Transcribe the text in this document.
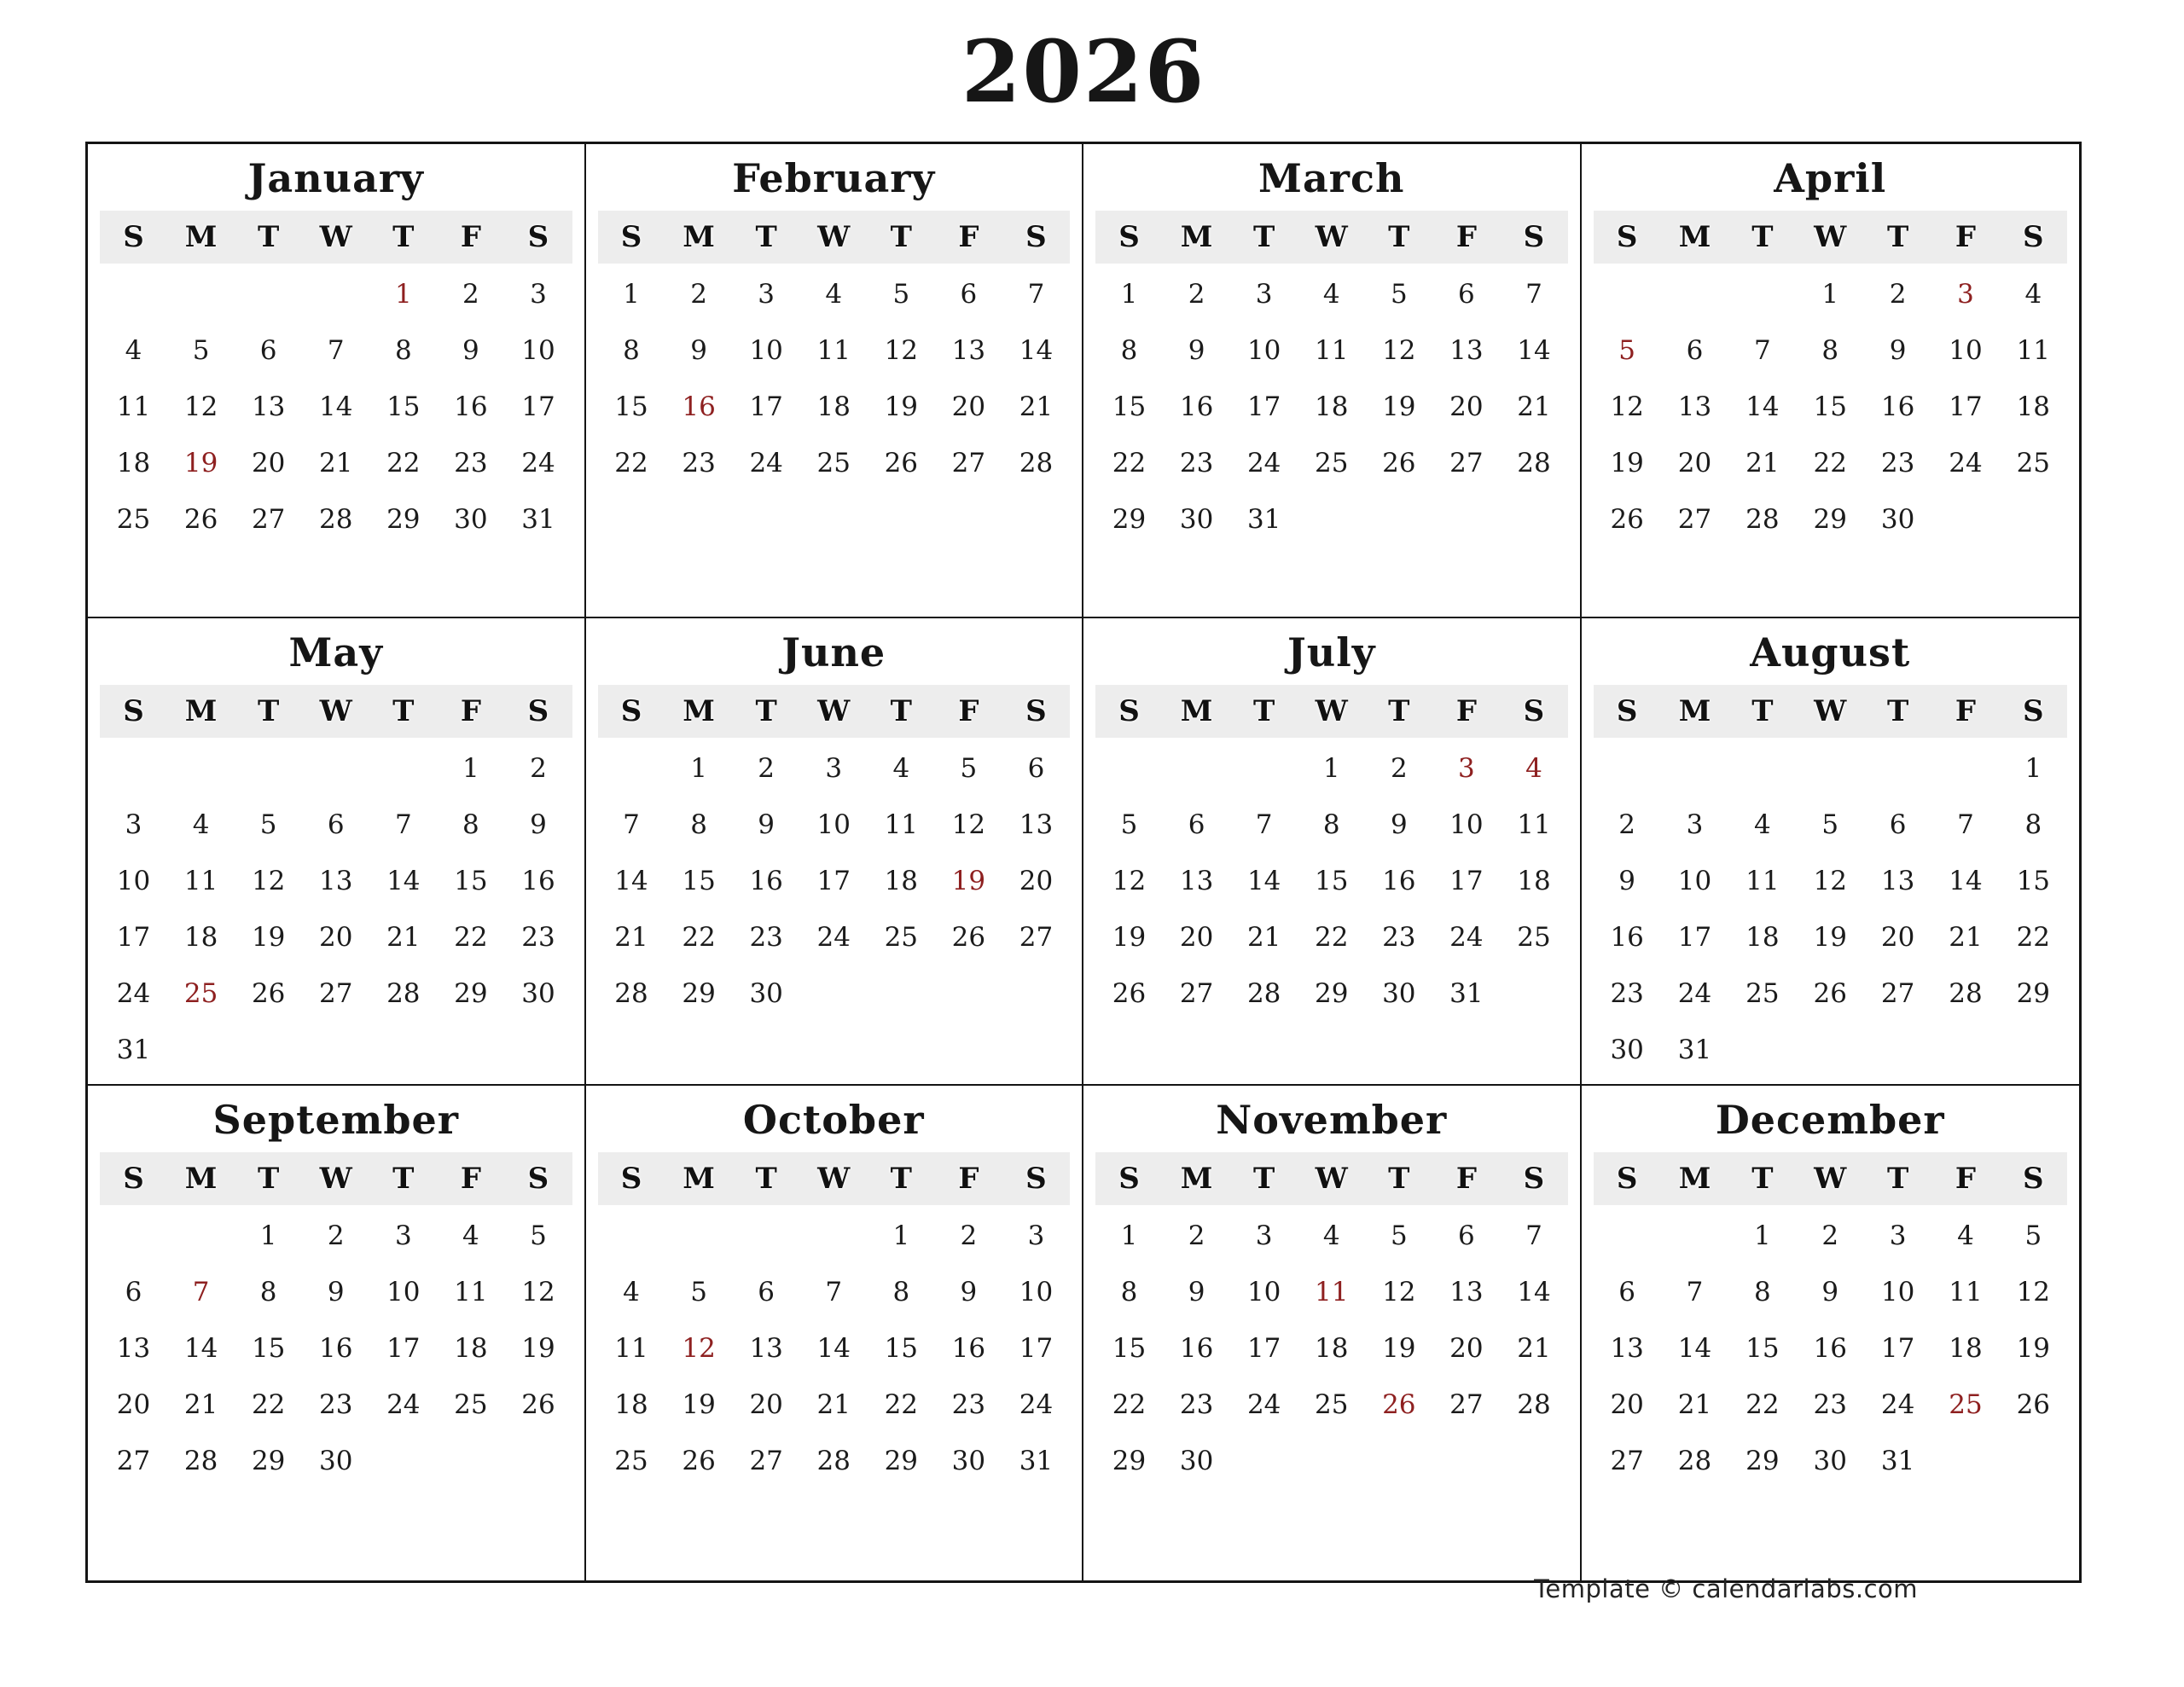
2026
January
S M T W T F S
1 2 3
4 5 6 7 8 9 10
11 12 13 14 15 16 17
18 19 20 21 22 23 24
25 26 27 28 29 30 31
February
S M T W T F S
1 2 3 4 5 6 7
8 9 10 11 12 13 14
15 16 17 18 19 20 21
22 23 24 25 26 27 28
March
S M T W T F S
1 2 3 4 5 6 7
8 9 10 11 12 13 14
15 16 17 18 19 20 21
22 23 24 25 26 27 28
29 30 31
April
S M T W T F S
1 2 3 4
5 6 7 8 9 10 11
12 13 14 15 16 17 18
19 20 21 22 23 24 25
26 27 28 29 30
May
S M T W T F S
1 2
3 4 5 6 7 8 9
10 11 12 13 14 15 16
17 18 19 20 21 22 23
24 25 26 27 28 29 30
31
June
S M T W T F S
1 2 3 4 5 6
7 8 9 10 11 12 13
14 15 16 17 18 19 20
21 22 23 24 25 26 27
28 29 30
July
S M T W T F S
1 2 3 4
5 6 7 8 9 10 11
12 13 14 15 16 17 18
19 20 21 22 23 24 25
26 27 28 29 30 31
August
S M T W T F S
1
2 3 4 5 6 7 8
9 10 11 12 13 14 15
16 17 18 19 20 21 22
23 24 25 26 27 28 29
30 31
September
S M T W T F S
1 2 3 4 5
6 7 8 9 10 11 12
13 14 15 16 17 18 19
20 21 22 23 24 25 26
27 28 29 30
October
S M T W T F S
1 2 3
4 5 6 7 8 9 10
11 12 13 14 15 16 17
18 19 20 21 22 23 24
25 26 27 28 29 30 31
November
S M T W T F S
1 2 3 4 5 6 7
8 9 10 11 12 13 14
15 16 17 18 19 20 21
22 23 24 25 26 27 28
29 30
December
S M T W T F S
1 2 3 4 5
6 7 8 9 10 11 12
13 14 15 16 17 18 19
20 21 22 23 24 25 26
27 28 29 30 31
Template © calendarlabs.com
